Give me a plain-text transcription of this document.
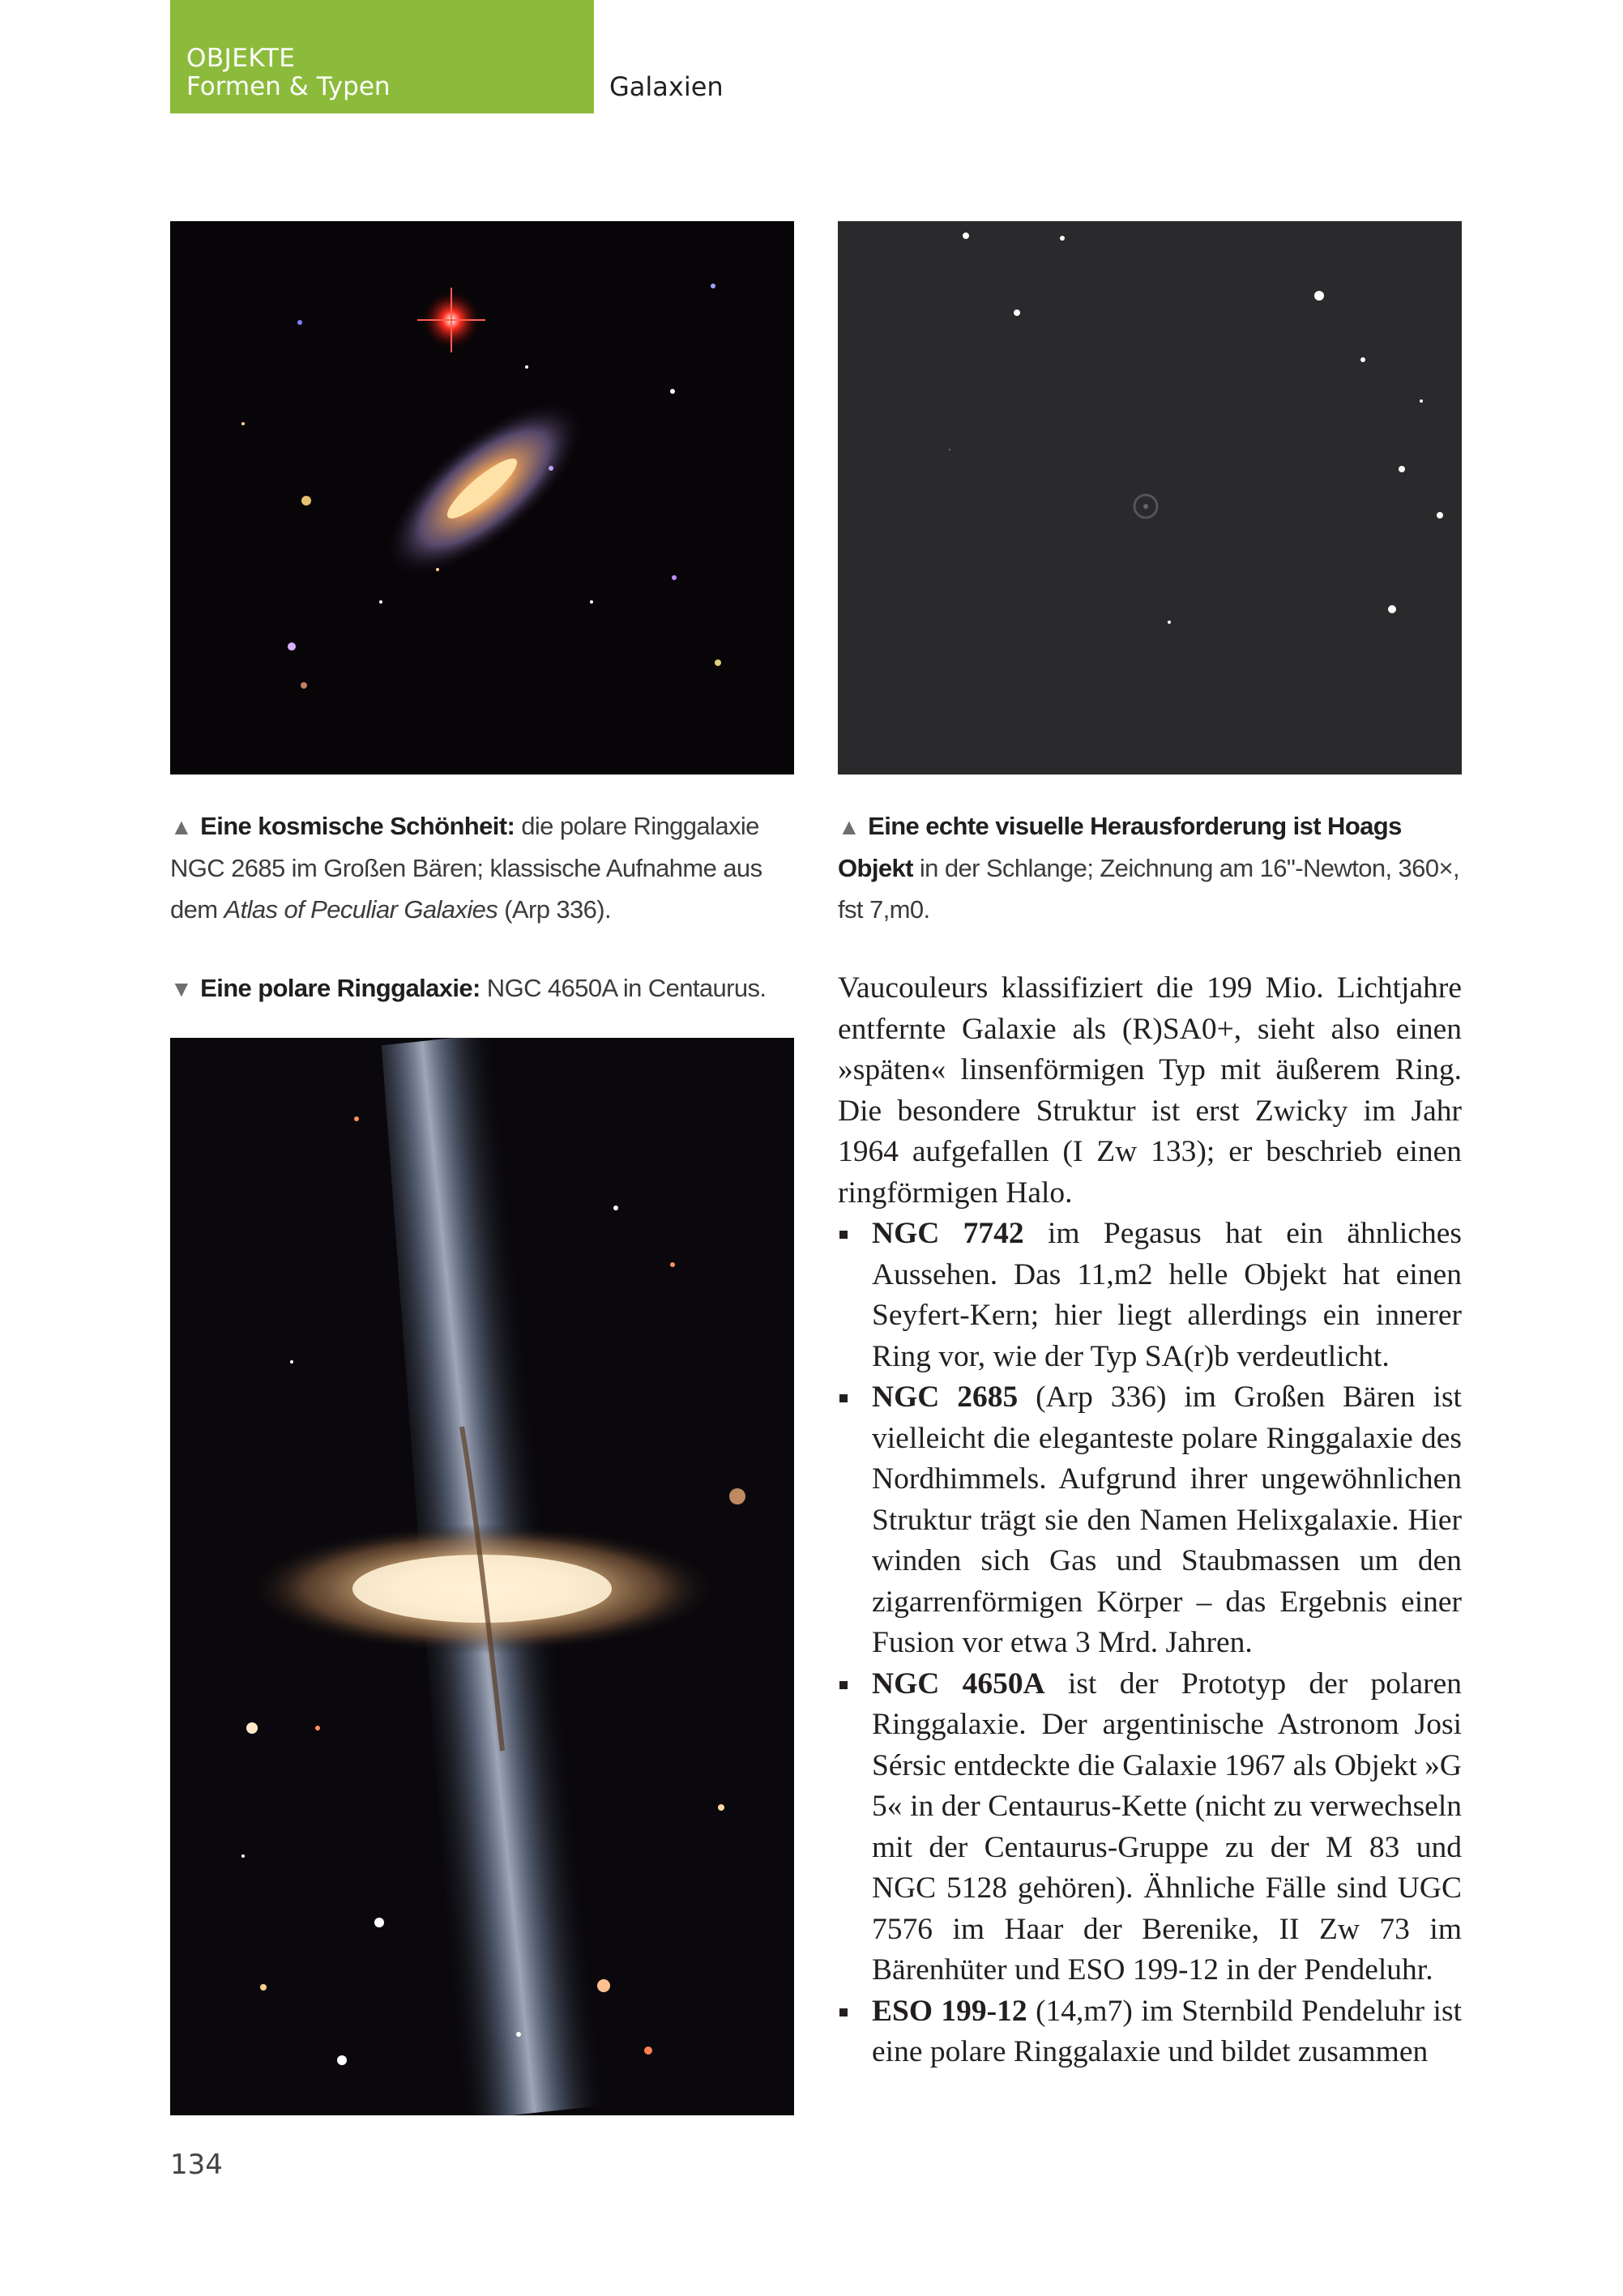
OBJEKTE
Formen & Typen	Galaxien
▲ Eine kosmische Schönheit: die polare Ringgalaxie NGC 2685 im Großen Bären; klassische Aufnahme aus dem Atlas of Peculiar Galaxies (Arp 336).
▲ Eine echte visuelle Herausforderung ist Hoags Objekt in der Schlange; Zeichnung am 16"-Newton, 360×, fst 7,m0.
▼ Eine polare Ringgalaxie: NGC 4650A in Centaurus.	Vaucouleurs klassifiziert die 199 Mio. Lichtjahre entfernte Galaxie als (R)SA0+, sieht also einen »späten« linsenförmigen Typ mit äußerem Ring. Die besondere Struktur ist erst Zwicky im Jahr 1964 aufgefallen (I Zw 133); er beschrieb einen ringförmigen Halo.

NGC 7742 im Pegasus hat ein ähnliches Aussehen. Das 11,m2 helle Objekt hat einen Seyfert-Kern; hier liegt allerdings ein innerer Ring vor, wie der Typ SA(r)b verdeutlicht.
NGC 2685 (Arp 336) im Großen Bären ist vielleicht die eleganteste polare Ringgalaxie des Nordhimmels. Aufgrund ihrer ungewöhnlichen Struktur trägt sie den Namen Helixgalaxie. Hier winden sich Gas und Staubmassen um den zigarrenförmigen Körper – das Ergebnis einer Fusion vor etwa 3 Mrd. Jahren.
NGC 4650A ist der Prototyp der polaren Ringgalaxie. Der argentinische Astronom Josi Sérsic entdeckte die Galaxie 1967 als Objekt »G 5« in der Centaurus-Kette (nicht zu verwechseln mit der Centaurus-Gruppe zu der M 83 und NGC 5128 gehören). Ähnliche Fälle sind UGC 7576 im Haar der Berenike, II Zw 73 im Bärenhüter und ESO 199-12 in der Pendeluhr.
ESO 199-12 (14,m7) im Sternbild Pendeluhr ist eine polare Ringgalaxie und bildet zusammen
134
